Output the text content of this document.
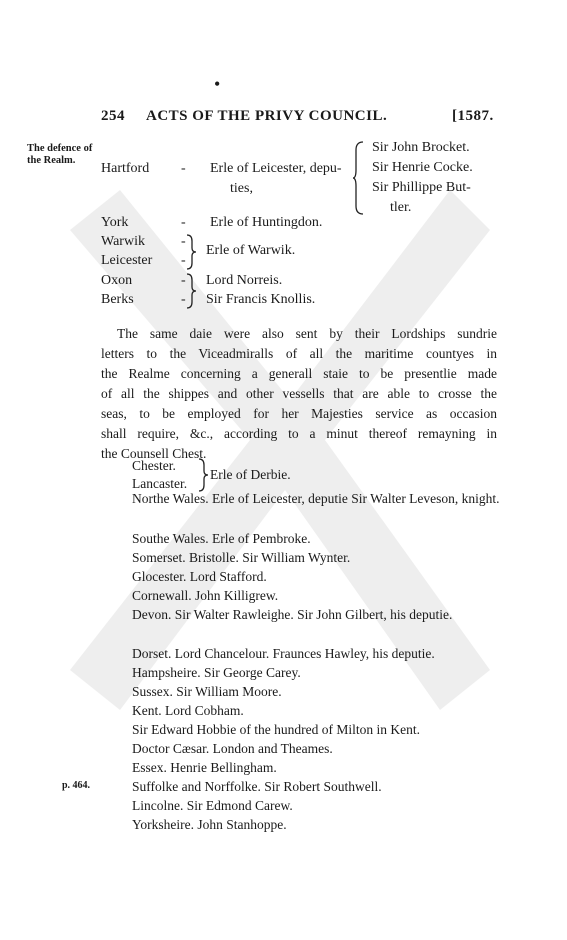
•
254 ACTS OF THE PRIVY COUNCIL.	[1587.
The defence of
the Realm.
Hartford - Erle of Leicester, depu-
ties,
Sir John Brocket.
Sir Henrie Cocke.
Sir Phillippe But-
tler.
York	- Erle of Huntingdon.
Warwik	-
Leicester -
Erle of Warwik.
Oxon	- Lord Norreis.
Berks	- Sir Francis Knollis.
The same daie were also sent by their Lordships sundrie
letters to the Viceadmiralls of all the maritime countyes in
the Realme concerning a generall staie to be presentlie made
of all the shippes and other vessells that are able to crosse the
seas, to be employed for her Majesties service as occasion
shall require, &c., according to a minut thereof remayning in
the Counsell Chest.
Chester.
Lancaster.
Erle of Derbie.
Northe Wales. Erle of Leicester, deputie Sir Walter Leveson, knight.
Southe Wales. Erle of Pembroke.
Somerset. Bristolle. Sir William Wynter.
Glocester. Lord Stafford.
Cornewall. John Killigrew.
Devon. Sir Walter Rawleighe. Sir John Gilbert, his deputie.
Dorset. Lord Chancelour. Fraunces Hawley, his deputie.
Hampsheire. Sir George Carey.
Sussex. Sir William Moore.
Kent. Lord Cobham.
Sir Edward Hobbie of the hundred of Milton in Kent.
Doctor Cæsar. London and Theames.
Essex. Henrie Bellingham.
Suffolke and Norffolke. Sir Robert Southwell.
Lincolne. Sir Edmond Carew.
Yorksheire. John Stanhoppe.
p. 464.
